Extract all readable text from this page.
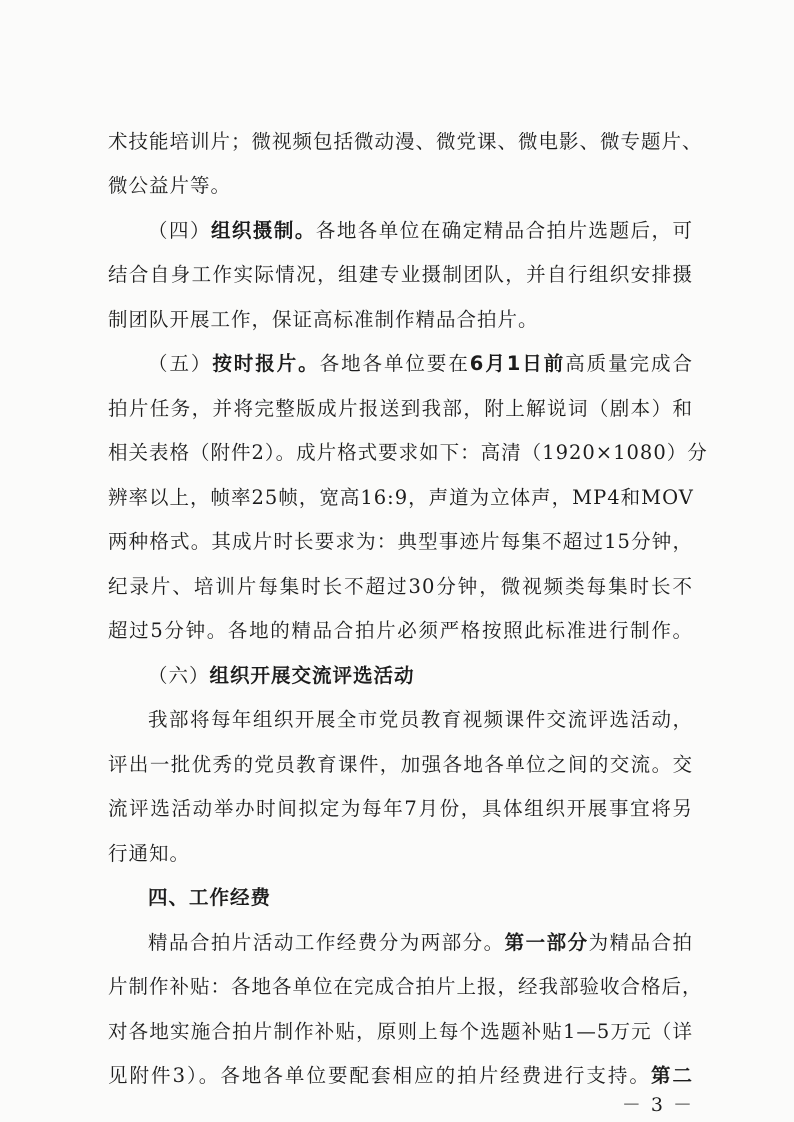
术技能培训片；微视频包括微动漫、微党课、微电影、微专题片、
微公益片等。
（四）组织摄制。各地各单位在确定精品合拍片选题后，可
结合自身工作实际情况，组建专业摄制团队，并自行组织安排摄
制团队开展工作，保证高标准制作精品合拍片。
（五）按时报片。各地各单位要在6月1日前高质量完成合
拍片任务，并将完整版成片报送到我部，附上解说词（剧本）和
相关表格（附件2）。成片格式要求如下：高清（1920×1080）分
辨率以上，帧率25帧，宽高16:9，声道为立体声，MP4和MOV
两种格式。其成片时长要求为：典型事迹片每集不超过15分钟，
纪录片、培训片每集时长不超过30分钟，微视频类每集时长不
超过5分钟。各地的精品合拍片必须严格按照此标准进行制作。
（六）组织开展交流评选活动
我部将每年组织开展全市党员教育视频课件交流评选活动，
评出一批优秀的党员教育课件，加强各地各单位之间的交流。交
流评选活动举办时间拟定为每年7月份，具体组织开展事宜将另
行通知。
四、工作经费
精品合拍片活动工作经费分为两部分。第一部分为精品合拍
片制作补贴：各地各单位在完成合拍片上报，经我部验收合格后，
对各地实施合拍片制作补贴，原则上每个选题补贴1—5万元（详
见附件3）。各地各单位要配套相应的拍片经费进行支持。第二
－ 3 －
